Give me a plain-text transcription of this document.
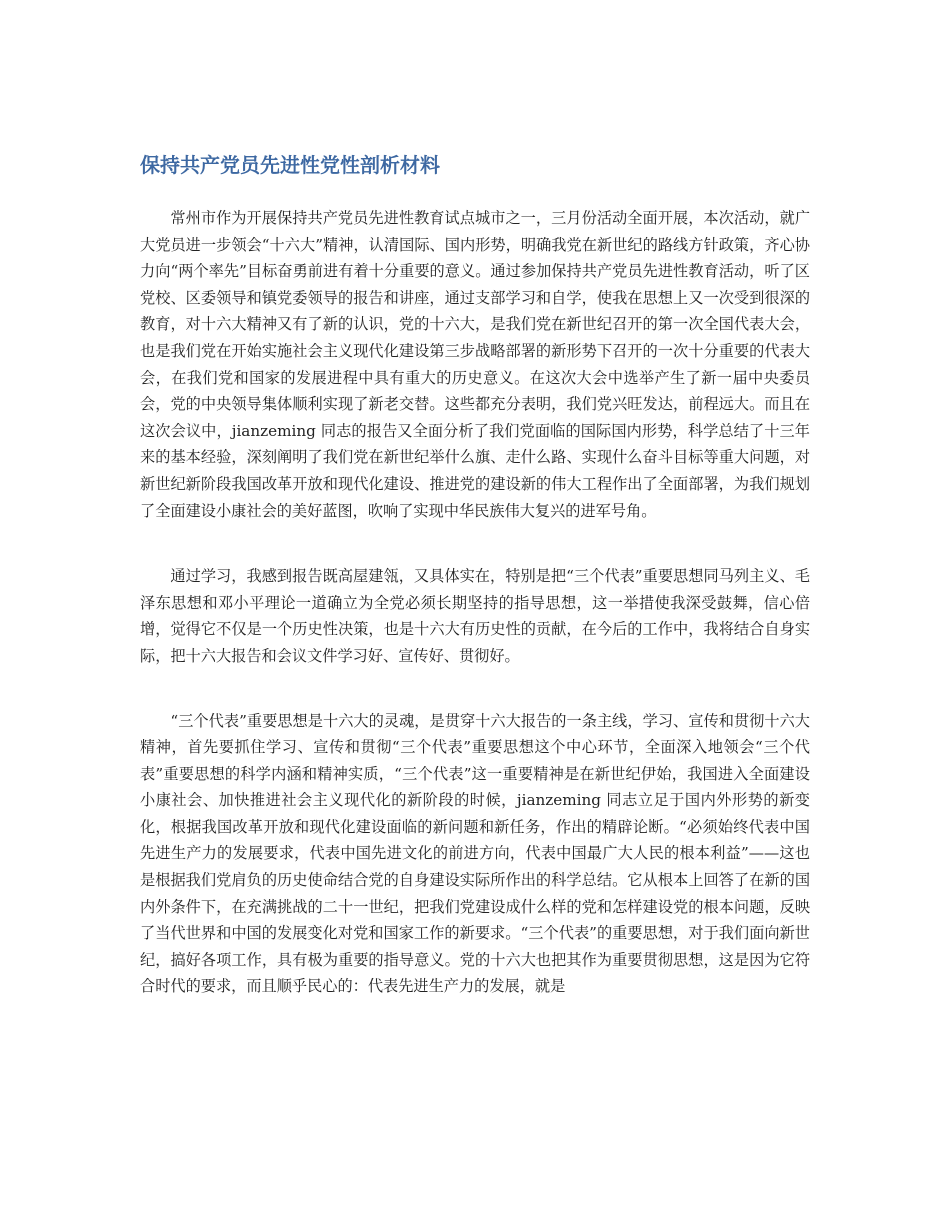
保持共产党员先进性党性剖析材料

常州市作为开展保持共产党员先进性教育试点城市之一，三月份活动全面开展，本次活动，就广大党员进一步领会“十六大”精神，认清国际、国内形势，明确我党在新世纪的路线方针政策，齐心协力向“两个率先”目标奋勇前进有着十分重要的意义。通过参加保持共产党员先进性教育活动，听了区党校、区委领导和镇党委领导的报告和讲座，通过支部学习和自学，使我在思想上又一次受到很深的教育，对十六大精神又有了新的认识，党的十六大，是我们党在新世纪召开的第一次全国代表大会，也是我们党在开始实施社会主义现代化建设第三步战略部署的新形势下召开的一次十分重要的代表大会，在我们党和国家的发展进程中具有重大的历史意义。在这次大会中选举产生了新一届中央委员会，党的中央领导集体顺利实现了新老交替。这些都充分表明，我们党兴旺发达，前程远大。而且在这次会议中，jianzeming 同志的报告又全面分析了我们党面临的国际国内形势，科学总结了十三年来的基本经验，深刻阐明了我们党在新世纪举什么旗、走什么路、实现什么奋斗目标等重大问题，对新世纪新阶段我国改革开放和现代化建设、推进党的建设新的伟大工程作出了全面部署，为我们规划了全面建设小康社会的美好蓝图，吹响了实现中华民族伟大复兴的进军号角。

通过学习，我感到报告既高屋建瓴，又具体实在，特别是把“三个代表”重要思想同马列主义、毛泽东思想和邓小平理论一道确立为全党必须长期坚持的指导思想，这一举措使我深受鼓舞，信心倍增，觉得它不仅是一个历史性决策，也是十六大有历史性的贡献，在今后的工作中，我将结合自身实际，把十六大报告和会议文件学习好、宣传好、贯彻好。

“三个代表”重要思想是十六大的灵魂，是贯穿十六大报告的一条主线，学习、宣传和贯彻十六大精神，首先要抓住学习、宣传和贯彻“三个代表”重要思想这个中心环节，全面深入地领会“三个代表”重要思想的科学内涵和精神实质，“三个代表”这一重要精神是在新世纪伊始，我国进入全面建设小康社会、加快推进社会主义现代化的新阶段的时候，jianzeming 同志立足于国内外形势的新变化，根据我国改革开放和现代化建设面临的新问题和新任务，作出的精辟论断。“必须始终代表中国先进生产力的发展要求，代表中国先进文化的前进方向，代表中国最广大人民的根本利益”——这也是根据我们党肩负的历史使命结合党的自身建设实际所作出的科学总结。它从根本上回答了在新的国内外条件下，在充满挑战的二十一世纪，把我们党建设成什么样的党和怎样建设党的根本问题，反映了当代世界和中国的发展变化对党和国家工作的新要求。“三个代表”的重要思想，对于我们面向新世纪，搞好各项工作，具有极为重要的指导意义。党的十六大也把其作为重要贯彻思想，这是因为它符合时代的要求，而且顺乎民心的：代表先进生产力的发展，就是
